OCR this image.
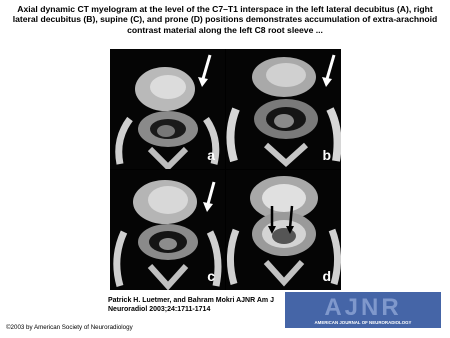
Axial dynamic CT myelogram at the level of the C7–T1 interspace in the left lateral decubitus (A), right lateral decubitus (B), supine (C), and prone (D) positions demonstrates accumulation of extra-arachnoid contrast material along the left C8 root sleeve ...
a	b
c	d
Patrick H. Luetmer, and Bahram Mokri AJNR Am J Neuroradiol 2003;24:1711-1714	AJNR
AMERICAN JOURNAL OF NEURORADIOLOGY
©2003 by American Society of Neuroradiology
